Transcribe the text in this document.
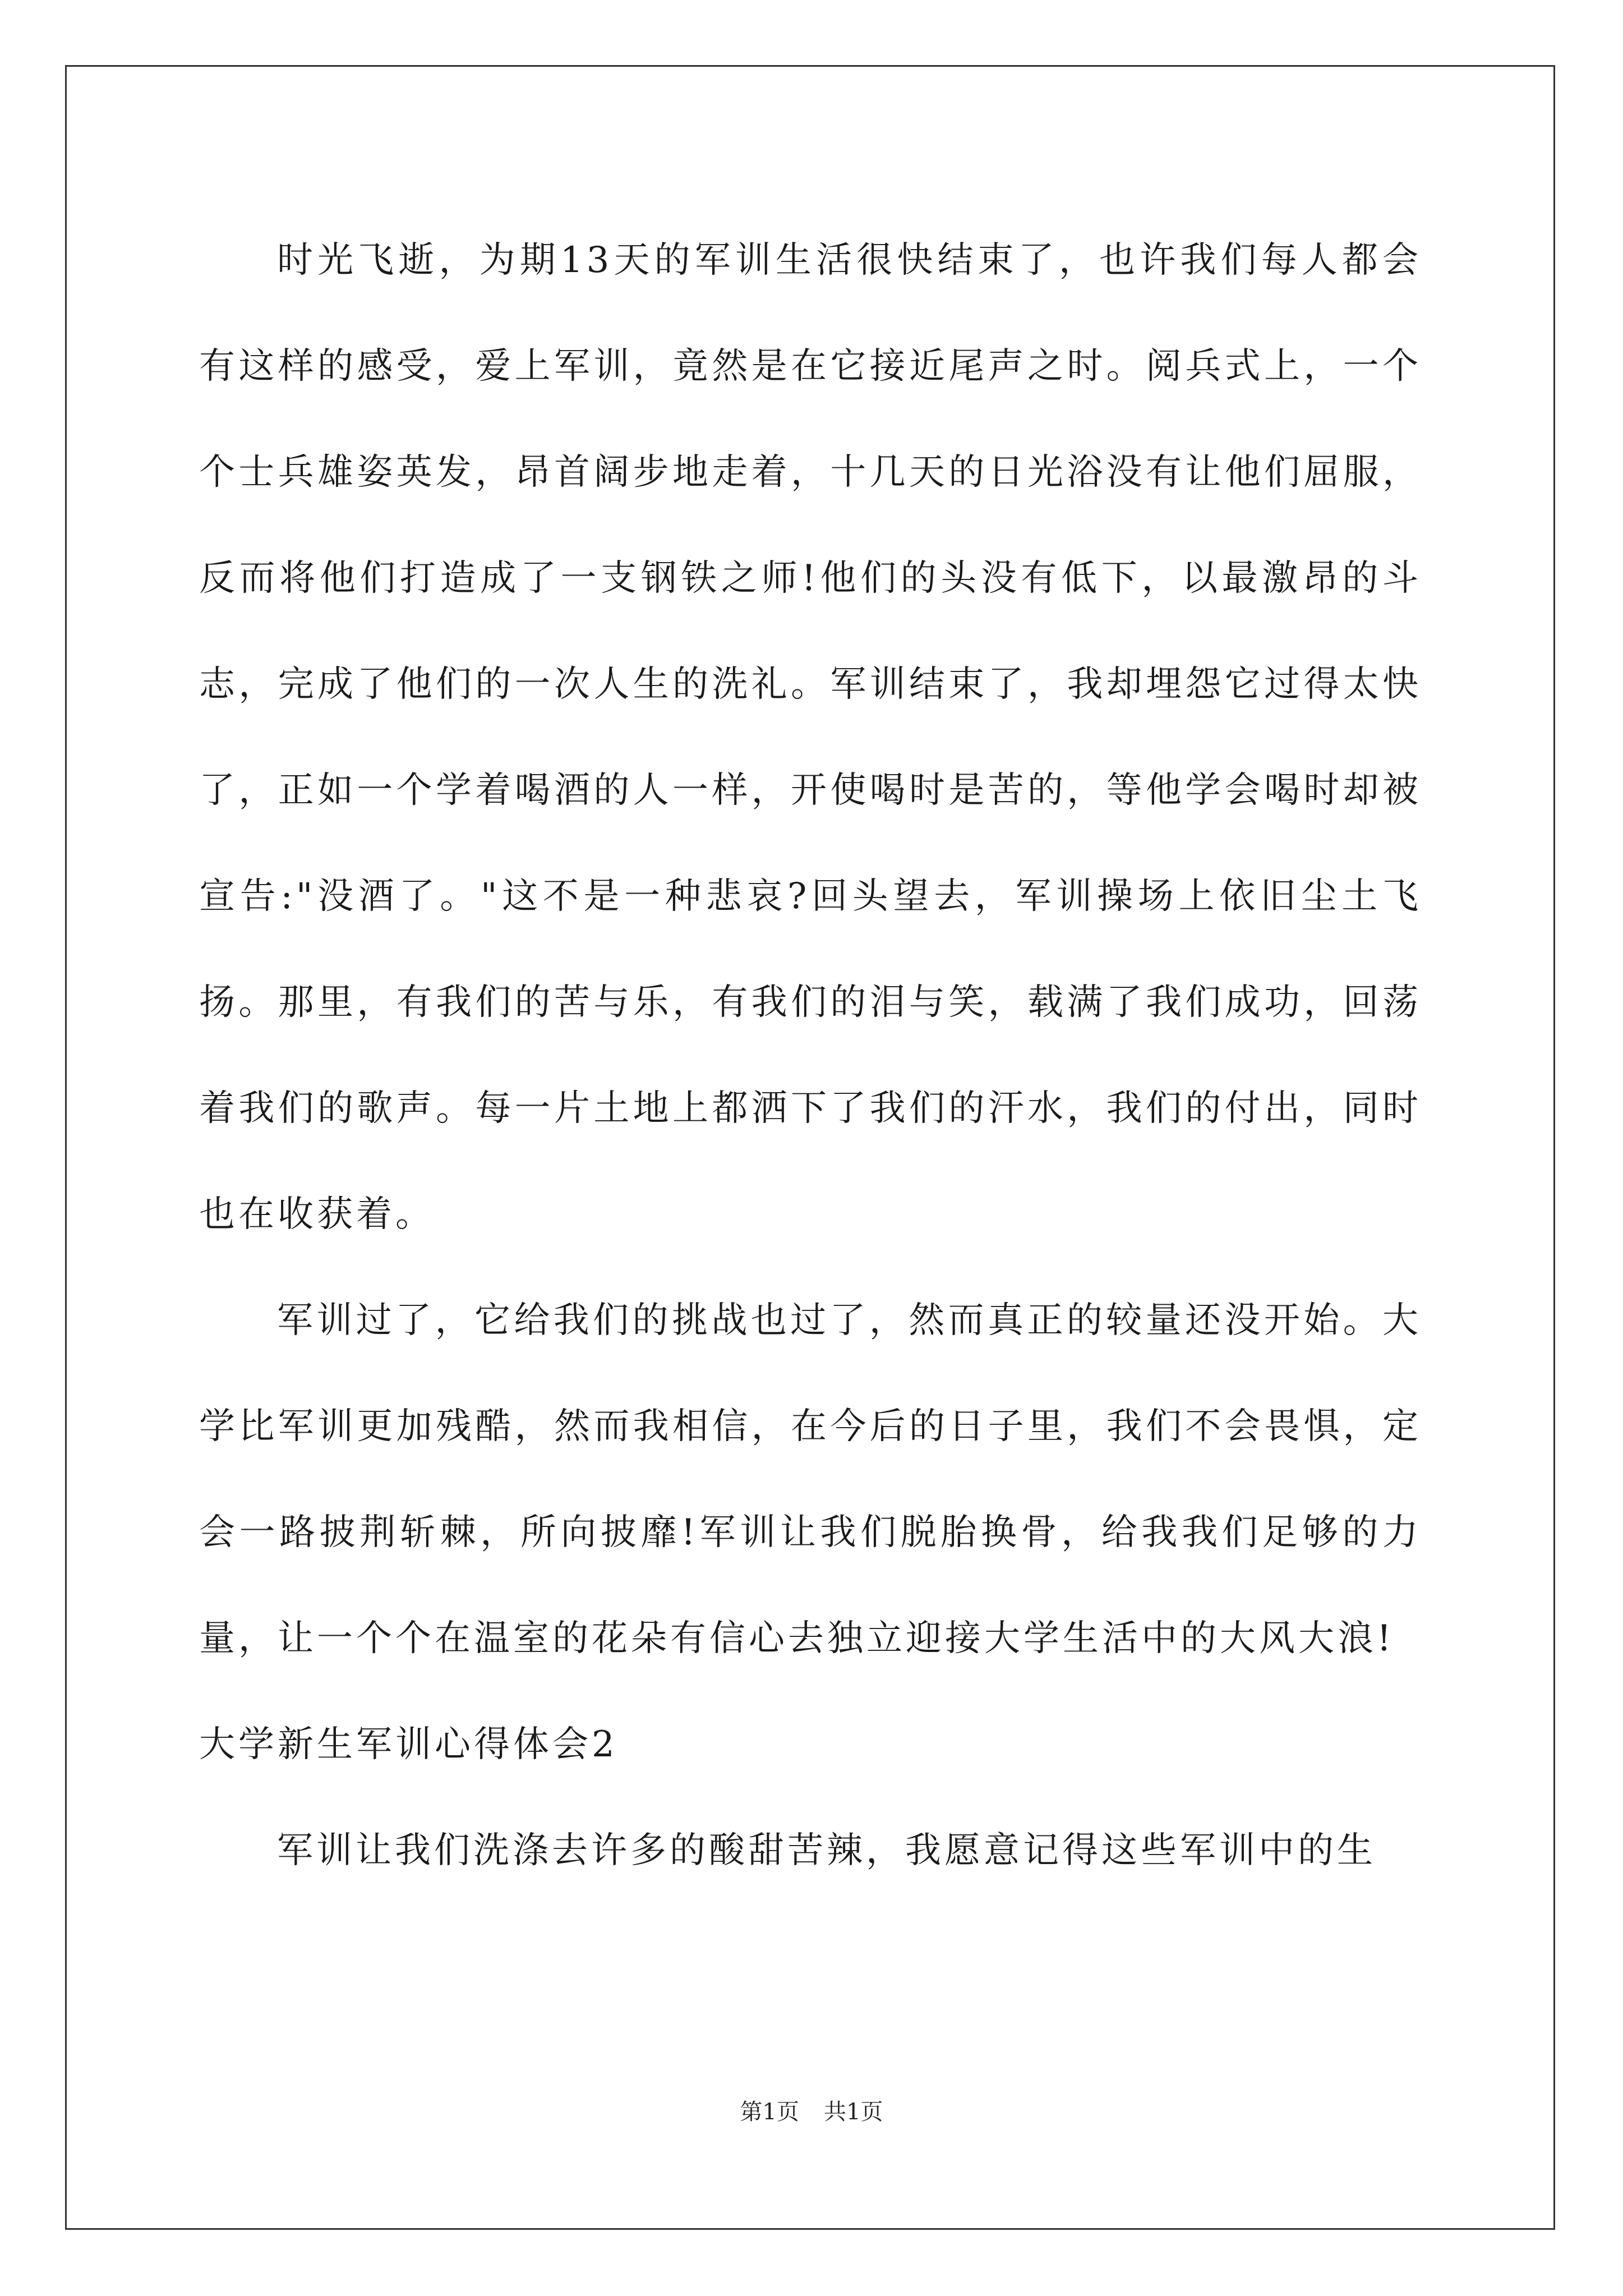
时光飞逝，为期13天的军训生活很快结束了，也许我们每人都会有这样的感受，爱上军训，竟然是在它接近尾声之时。阅兵式上，一个个士兵雄姿英发，昂首阔步地走着，十几天的日光浴没有让他们屈服，反而将他们打造成了一支钢铁之师!他们的头没有低下，以最激昂的斗志，完成了他们的一次人生的洗礼。军训结束了，我却埋怨它过得太快了，正如一个学着喝酒的人一样，开使喝时是苦的，等他学会喝时却被宣告:"没酒了。"这不是一种悲哀?回头望去，军训操场上依旧尘土飞扬。那里，有我们的苦与乐，有我们的泪与笑，载满了我们成功，回荡着我们的歌声。每一片土地上都洒下了我们的汗水，我们的付出，同时也在收获着。

军训过了，它给我们的挑战也过了，然而真正的较量还没开始。大学比军训更加残酷，然而我相信，在今后的日子里，我们不会畏惧，定会一路披荆斩棘，所向披靡!军训让我们脱胎换骨，给我我们足够的力量，让一个个在温室的花朵有信心去独立迎接大学生活中的大风大浪!

大学新生军训心得体会2

军训让我们洗涤去许多的酸甜苦辣，我愿意记得这些军训中的生

第1页 共1页
